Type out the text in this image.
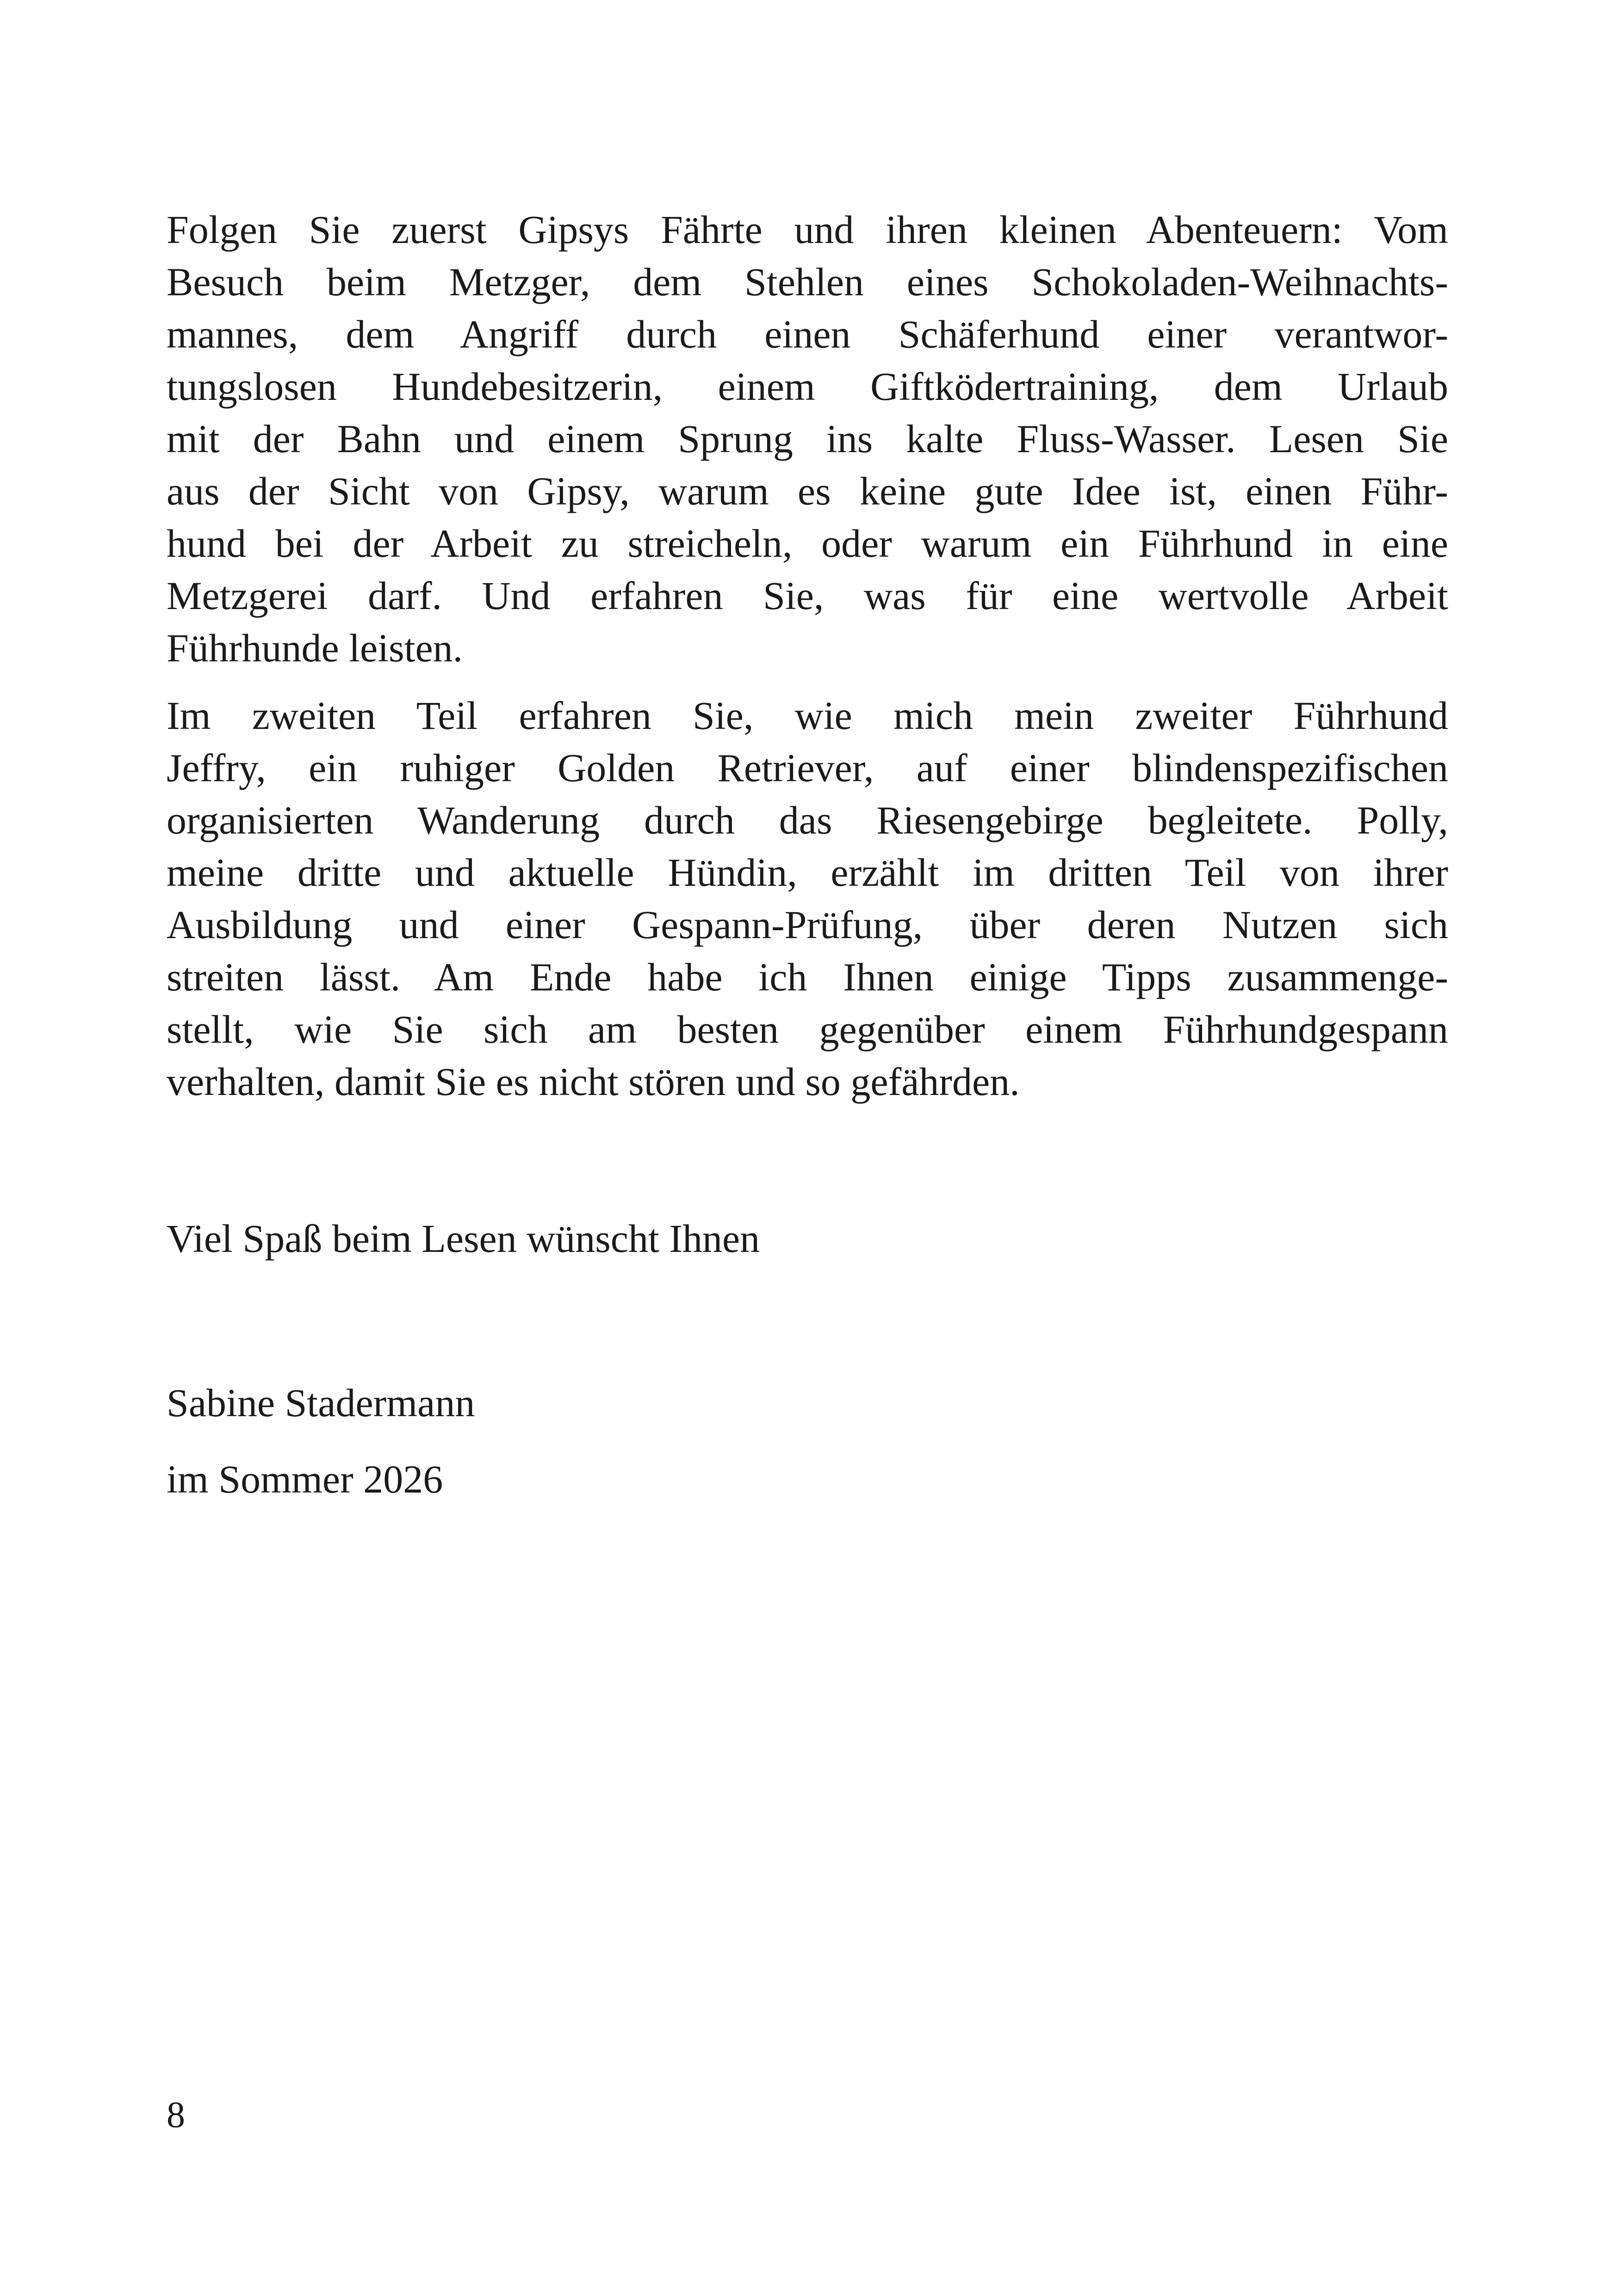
Folgen Sie zuerst Gipsys Fährte und ihren kleinen Abenteuern: Vom
Besuch beim Metzger, dem Stehlen eines Schokoladen-Weihnachts-
mannes, dem Angriff durch einen Schäferhund einer verantwor-
tungslosen Hundebesitzerin, einem Giftködertraining, dem Urlaub
mit der Bahn und einem Sprung ins kalte Fluss-Wasser. Lesen Sie
aus der Sicht von Gipsy, warum es keine gute Idee ist, einen Führ-
hund bei der Arbeit zu streicheln, oder warum ein Führhund in eine
Metzgerei darf. Und erfahren Sie, was für eine wertvolle Arbeit
Führhunde leisten.

Im zweiten Teil erfahren Sie, wie mich mein zweiter Führhund
Jeffry, ein ruhiger Golden Retriever, auf einer blindenspezifischen
organisierten Wanderung durch das Riesengebirge begleitete. Polly,
meine dritte und aktuelle Hündin, erzählt im dritten Teil von ihrer
Ausbildung und einer Gespann-Prüfung, über deren Nutzen sich
streiten lässt. Am Ende habe ich Ihnen einige Tipps zusammenge-
stellt, wie Sie sich am besten gegenüber einem Führhundgespann
verhalten, damit Sie es nicht stören und so gefährden.

Viel Spaß beim Lesen wünscht Ihnen

Sabine Stadermann

im Sommer 2026

8
